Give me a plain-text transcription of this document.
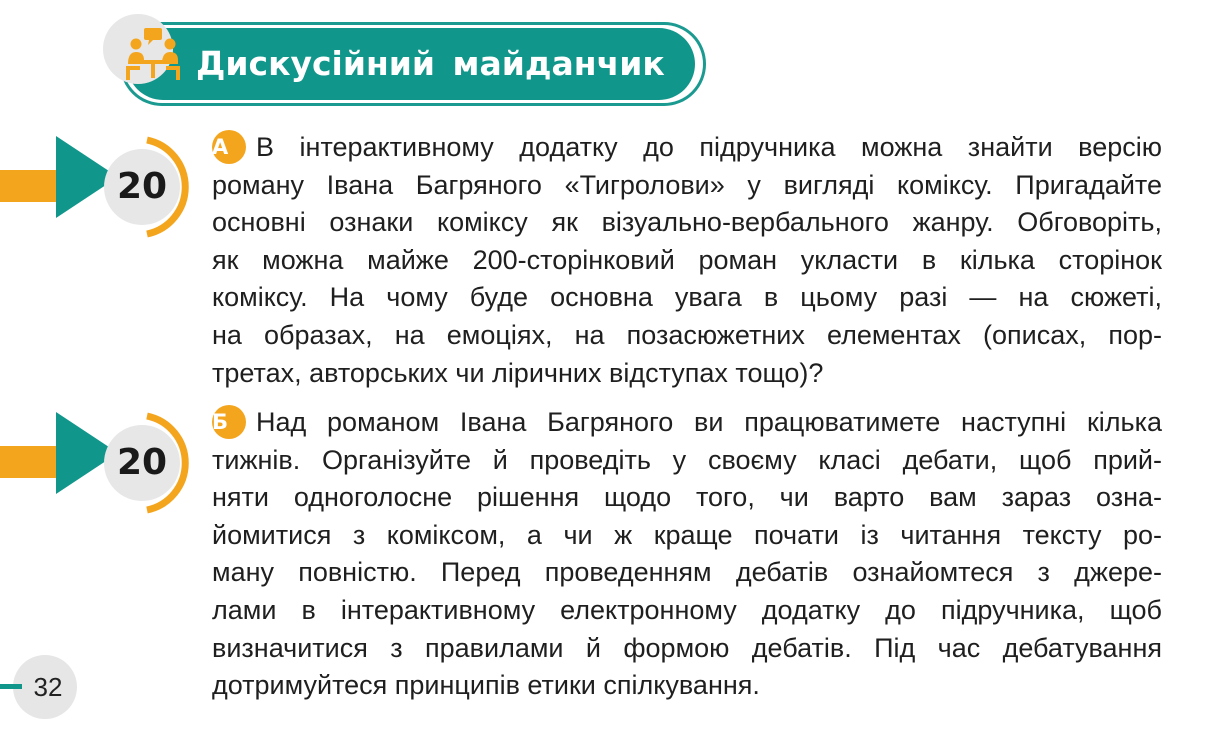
Дискусійний майданчик
20
А В інтерактивному додатку до підручника можна знайти версію
роману Івана Багряного «Тигролови» у вигляді коміксу. Пригадайте
основні ознаки коміксу як візуально-вербального жанру. Обговоріть,
як можна майже 200-сторінковий роман укласти в кілька сторінок
коміксу. На чому буде основна увага в цьому разі — на сюжеті,
на образах, на емоціях, на позасюжетних елементах (описах, пор-
третах, авторських чи ліричних відступах тощо)?
20
Б Над романом Івана Багряного ви працюватимете наступні кілька
тижнів. Організуйте й проведіть у своєму класі дебати, щоб прий-
няти одноголосне рішення щодо того, чи варто вам зараз озна-
йомитися з коміксом, а чи ж краще почати із читання тексту ро-
ману повністю. Перед проведенням дебатів ознайомтеся з джере-
лами в інтерактивному електронному додатку до підручника, щоб
визначитися з правилами й формою дебатів. Під час дебатування
дотримуйтеся принципів етики спілкування.
32
